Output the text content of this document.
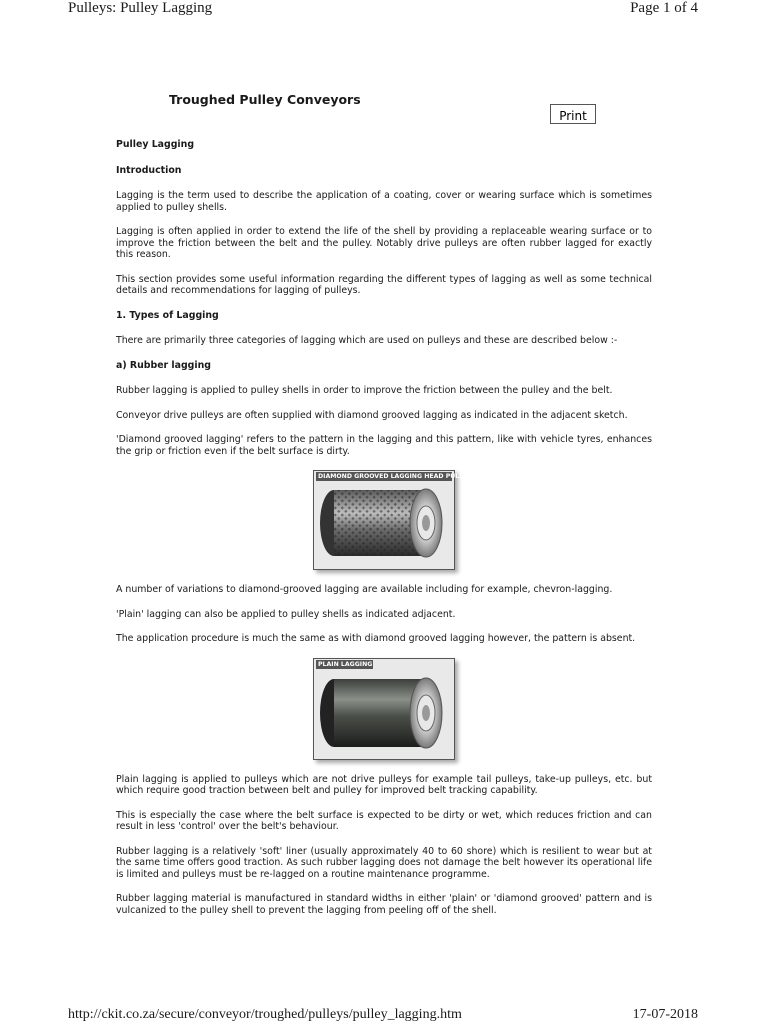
Pulleys: Pulley Lagging	Page 1 of 4
Troughed Pulley Conveyors
Print
Pulley Lagging
Introduction

Lagging is the term used to describe the application of a coating, cover or wearing surface which is sometimes applied to pulley shells.

Lagging is often applied in order to extend the life of the shell by providing a replaceable wearing surface or to improve the friction between the belt and the pulley. Notably drive pulleys are often rubber lagged for exactly this reason.

This section provides some useful information regarding the different types of lagging as well as some technical details and recommendations for lagging of pulleys.

1. Types of Lagging

There are primarily three categories of lagging which are used on pulleys and these are described below :-

a) Rubber lagging

Rubber lagging is applied to pulley shells in order to improve the friction between the pulley and the belt.

Conveyor drive pulleys are often supplied with diamond grooved lagging as indicated in the adjacent sketch.

'Diamond grooved lagging' refers to the pattern in the lagging and this pattern, like with vehicle tyres, enhances the grip or friction even if the belt surface is dirty.

DIAMOND GROOVED LAGGING HEAD PULLEY

A number of variations to diamond-grooved lagging are available including for example, chevron-lagging.

'Plain' lagging can also be applied to pulley shells as indicated adjacent.

The application procedure is much the same as with diamond grooved lagging however, the pattern is absent.

PLAIN LAGGING

Plain lagging is applied to pulleys which are not drive pulleys for example tail pulleys, take-up pulleys, etc. but which require good traction between belt and pulley for improved belt tracking capability.

This is especially the case where the belt surface is expected to be dirty or wet, which reduces friction and can result in less 'control' over the belt's behaviour.

Rubber lagging is a relatively 'soft' liner (usually approximately 40 to 60 shore) which is resilient to wear but at the same time offers good traction. As such rubber lagging does not damage the belt however its operational life is limited and pulleys must be re-lagged on a routine maintenance programme.

Rubber lagging material is manufactured in standard widths in either 'plain' or 'diamond grooved' pattern and is vulcanized to the pulley shell to prevent the lagging from peeling off of the shell.

http://ckit.co.za/secure/conveyor/troughed/pulleys/pulley_lagging.htm	17-07-2018
